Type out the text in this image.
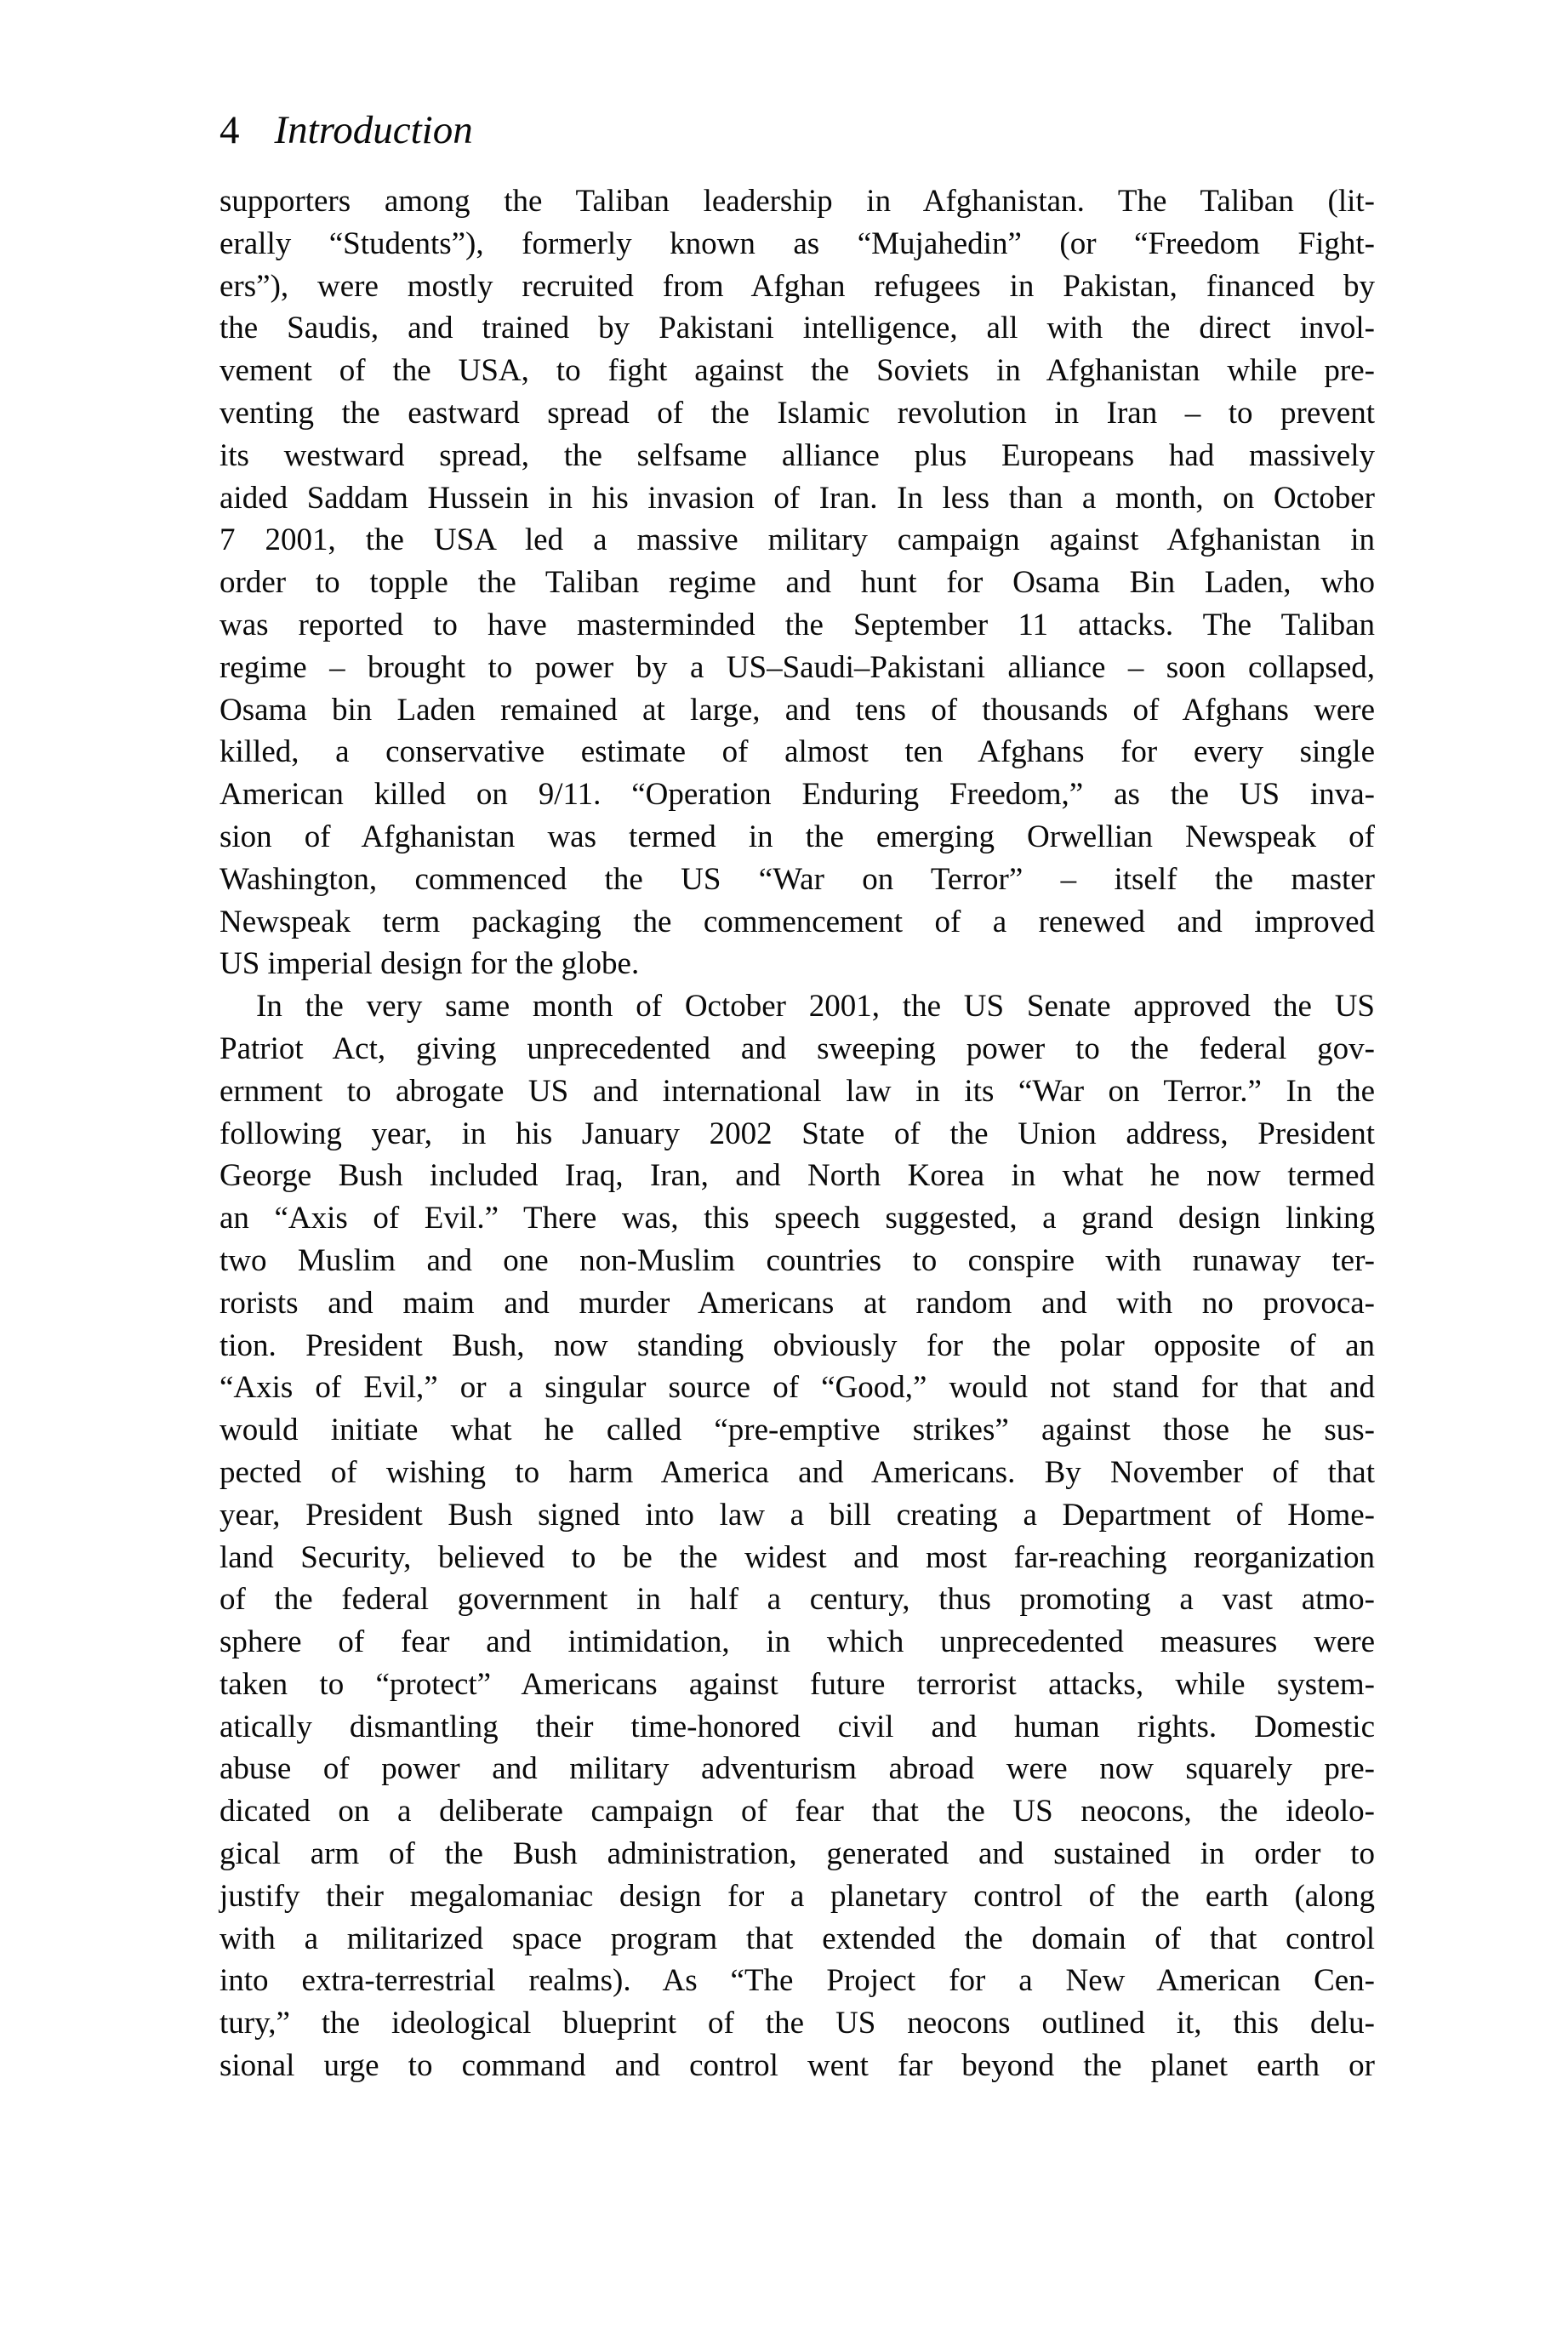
4 Introduction
supporters among the Taliban leadership in Afghanistan. The Taliban (lit-
erally “Students”), formerly known as “Mujahedin” (or “Freedom Fight-
ers”), were mostly recruited from Afghan refugees in Pakistan, financed by
the Saudis, and trained by Pakistani intelligence, all with the direct invol-
vement of the USA, to fight against the Soviets in Afghanistan while pre-
venting the eastward spread of the Islamic revolution in Iran – to prevent
its westward spread, the selfsame alliance plus Europeans had massively
aided Saddam Hussein in his invasion of Iran. In less than a month, on October
7 2001, the USA led a massive military campaign against Afghanistan in
order to topple the Taliban regime and hunt for Osama Bin Laden, who
was reported to have masterminded the September 11 attacks. The Taliban
regime – brought to power by a US–Saudi–Pakistani alliance – soon collapsed,
Osama bin Laden remained at large, and tens of thousands of Afghans were
killed, a conservative estimate of almost ten Afghans for every single
American killed on 9/11. “Operation Enduring Freedom,” as the US inva-
sion of Afghanistan was termed in the emerging Orwellian Newspeak of
Washington, commenced the US “War on Terror” – itself the master
Newspeak term packaging the commencement of a renewed and improved
US imperial design for the globe.
In the very same month of October 2001, the US Senate approved the US
Patriot Act, giving unprecedented and sweeping power to the federal gov-
ernment to abrogate US and international law in its “War on Terror.” In the
following year, in his January 2002 State of the Union address, President
George Bush included Iraq, Iran, and North Korea in what he now termed
an “Axis of Evil.” There was, this speech suggested, a grand design linking
two Muslim and one non-Muslim countries to conspire with runaway ter-
rorists and maim and murder Americans at random and with no provoca-
tion. President Bush, now standing obviously for the polar opposite of an
“Axis of Evil,” or a singular source of “Good,” would not stand for that and
would initiate what he called “pre-emptive strikes” against those he sus-
pected of wishing to harm America and Americans. By November of that
year, President Bush signed into law a bill creating a Department of Home-
land Security, believed to be the widest and most far-reaching reorganization
of the federal government in half a century, thus promoting a vast atmo-
sphere of fear and intimidation, in which unprecedented measures were
taken to “protect” Americans against future terrorist attacks, while system-
atically dismantling their time-honored civil and human rights. Domestic
abuse of power and military adventurism abroad were now squarely pre-
dicated on a deliberate campaign of fear that the US neocons, the ideolo-
gical arm of the Bush administration, generated and sustained in order to
justify their megalomaniac design for a planetary control of the earth (along
with a militarized space program that extended the domain of that control
into extra-terrestrial realms). As “The Project for a New American Cen-
tury,” the ideological blueprint of the US neocons outlined it, this delu-
sional urge to command and control went far beyond the planet earth or
